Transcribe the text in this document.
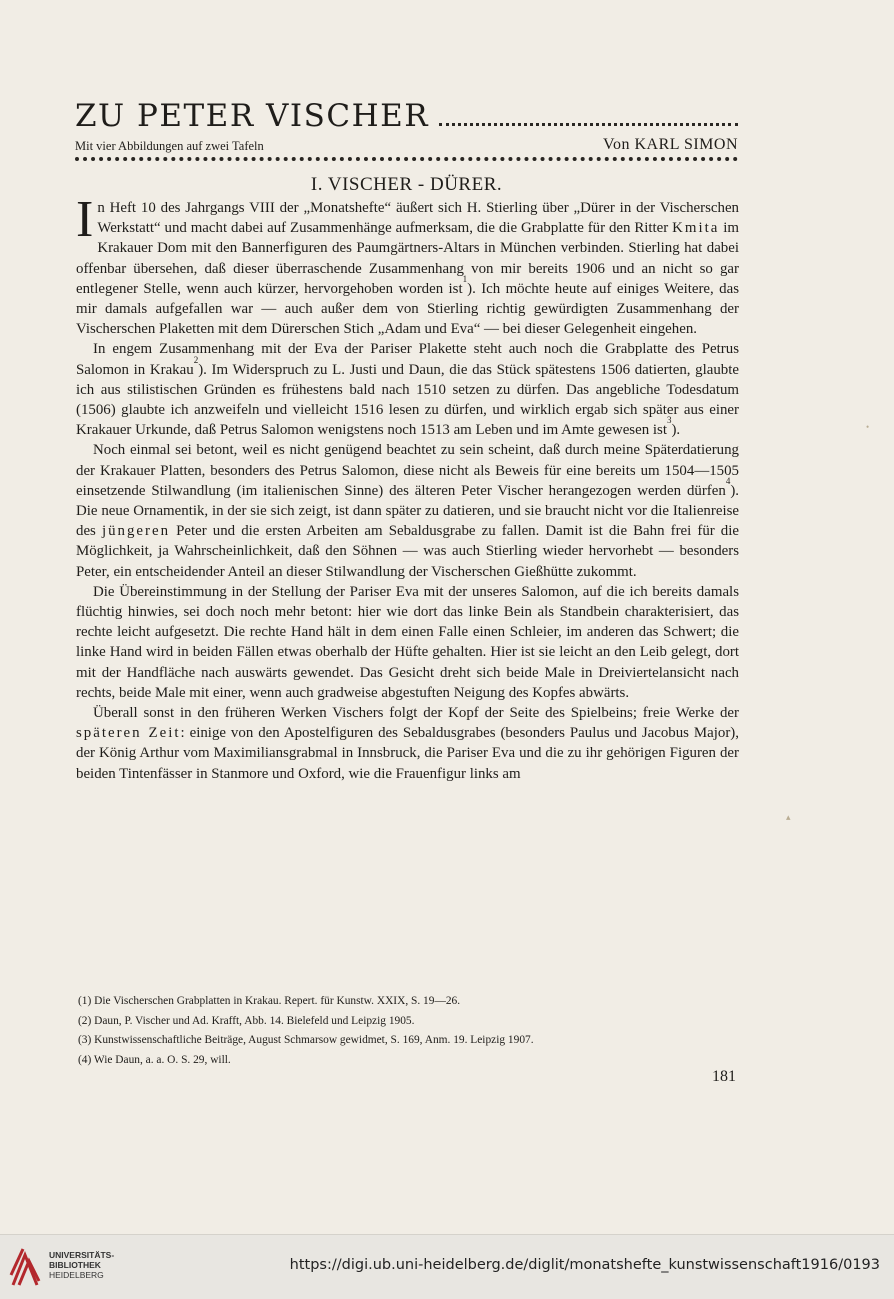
ZU PETER VISCHER
Mit vier Abbildungen auf zwei Tafeln	Von KARL SIMON
I. VISCHER - DÜRER.

In Heft 10 des Jahrgangs VIII der „Monatshefte“ äußert sich H. Stierling über „Dürer in der Vischerschen Werkstatt“ und macht dabei auf Zusammenhänge aufmerksam, die die Grabplatte für den Ritter Kmita im Krakauer Dom mit den Bannerfiguren des Paumgärtners-Altars in München verbinden. Stierling hat dabei offenbar übersehen, daß dieser überraschende Zusammenhang von mir bereits 1906 und an nicht so gar entlegener Stelle, wenn auch kürzer, hervorgehoben worden ist$^1$). Ich möchte heute auf einiges Weitere, das mir damals aufgefallen war — auch außer dem von Stierling richtig gewürdigten Zusammenhang der Vischerschen Plaketten mit dem Dürerschen Stich „Adam und Eva“ — bei dieser Gelegenheit eingehen.

In engem Zusammenhang mit der Eva der Pariser Plakette steht auch noch die Grabplatte des Petrus Salomon in Krakau$^2$). Im Widerspruch zu L. Justi und Daun, die das Stück spätestens 1506 datierten, glaubte ich aus stilistischen Gründen es frühestens bald nach 1510 setzen zu dürfen. Das angebliche Todesdatum (1506) glaubte ich anzweifeln und vielleicht 1516 lesen zu dürfen, und wirklich ergab sich später aus einer Krakauer Urkunde, daß Petrus Salomon wenigstens noch 1513 am Leben und im Amte gewesen ist$^3$).

Noch einmal sei betont, weil es nicht genügend beachtet zu sein scheint, daß durch meine Späterdatierung der Krakauer Platten, besonders des Petrus Salomon, diese nicht als Beweis für eine bereits um 1504—1505 einsetzende Stilwandlung (im italienischen Sinne) des älteren Peter Vischer herangezogen werden dürfen$^4$). Die neue Ornamentik, in der sie sich zeigt, ist dann später zu datieren, und sie braucht nicht vor die Italienreise des jüngeren Peter und die ersten Arbeiten am Sebaldusgrabe zu fallen. Damit ist die Bahn frei für die Möglichkeit, ja Wahrscheinlichkeit, daß den Söhnen — was auch Stierling wieder hervorhebt — besonders Peter, ein entscheidender Anteil an dieser Stilwandlung der Vischerschen Gießhütte zukommt.

Die Übereinstimmung in der Stellung der Pariser Eva mit der unseres Salomon, auf die ich bereits damals flüchtig hinwies, sei doch noch mehr betont: hier wie dort das linke Bein als Standbein charakterisiert, das rechte leicht aufgesetzt. Die rechte Hand hält in dem einen Falle einen Schleier, im anderen das Schwert; die linke Hand wird in beiden Fällen etwas oberhalb der Hüfte gehalten. Hier ist sie leicht an den Leib gelegt, dort mit der Handfläche nach auswärts gewendet. Das Gesicht dreht sich beide Male in Dreiviertelansicht nach rechts, beide Male mit einer, wenn auch gradweise abgestuften Neigung des Kopfes abwärts.

Überall sonst in den früheren Werken Vischers folgt der Kopf der Seite des Spielbeins; freie Werke der späteren Zeit: einige von den Apostelfiguren des Sebaldusgrabes (besonders Paulus und Jacobus Major), der König Arthur vom Maximiliansgrabmal in Innsbruck, die Pariser Eva und die zu ihr gehörigen Figuren der beiden Tintenfässer in Stanmore und Oxford, wie die Frauenfigur links am

(1) Die Vischerschen Grabplatten in Krakau. Repert. für Kunstw. XXIX, S. 19—26.
(2) Daun, P. Vischer und Ad. Krafft, Abb. 14. Bielefeld und Leipzig 1905.
(3) Kunstwissenschaftliche Beiträge, August Schmarsow gewidmet, S. 169, Anm. 19. Leipzig 1907.
(4) Wie Daun, a. a. O. S. 29, will.
181
•
▴
UNIVERSITÄTS-
BIBLIOTHEK
HEIDELBERG
https://digi.ub.uni-heidelberg.de/diglit/monatshefte_kunstwissenschaft1916/0193
